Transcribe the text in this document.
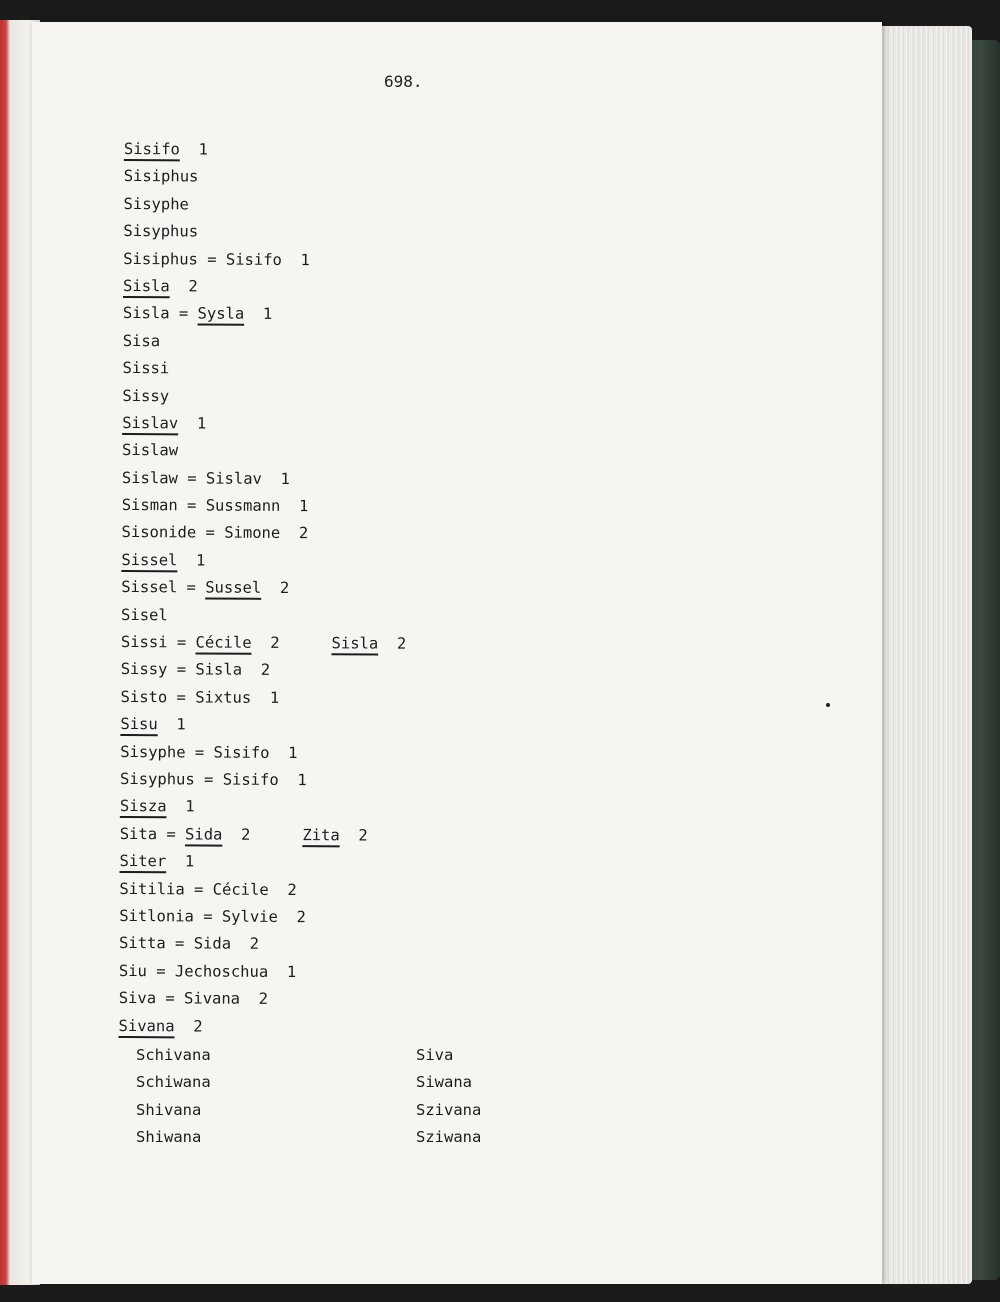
698.
Sisifo  1
Sisiphus
Sisyphe
Sisyphus
Sisiphus = Sisifo  1
Sisla  2
Sisla = Sysla  1
Sisa
Sissi
Sissy
Sislav  1
Sislaw
Sislaw = Sislav  1
Sisman = Sussmann  1
Sisonide = Simone  2
Sissel  1
Sissel = Sussel  2
Sisel
Sissi = Cécile  2	Sisla  2
Sissy = Sisla  2
Sisto = Sixtus  1
Sisu  1
Sisyphe = Sisifo  1
Sisyphus = Sisifo  1
Sisza  1
Sita = Sida  2	Zita  2
Siter  1
Sitilia = Cécile  2
Sitlonia = Sylvie  2
Sitta = Sida  2
Siu = Jechoschua  1
Siva = Sivana  2
Sivana  2
Schivana
Schiwana
Shivana
Shiwana
Siva
Siwana
Szivana
Sziwana
